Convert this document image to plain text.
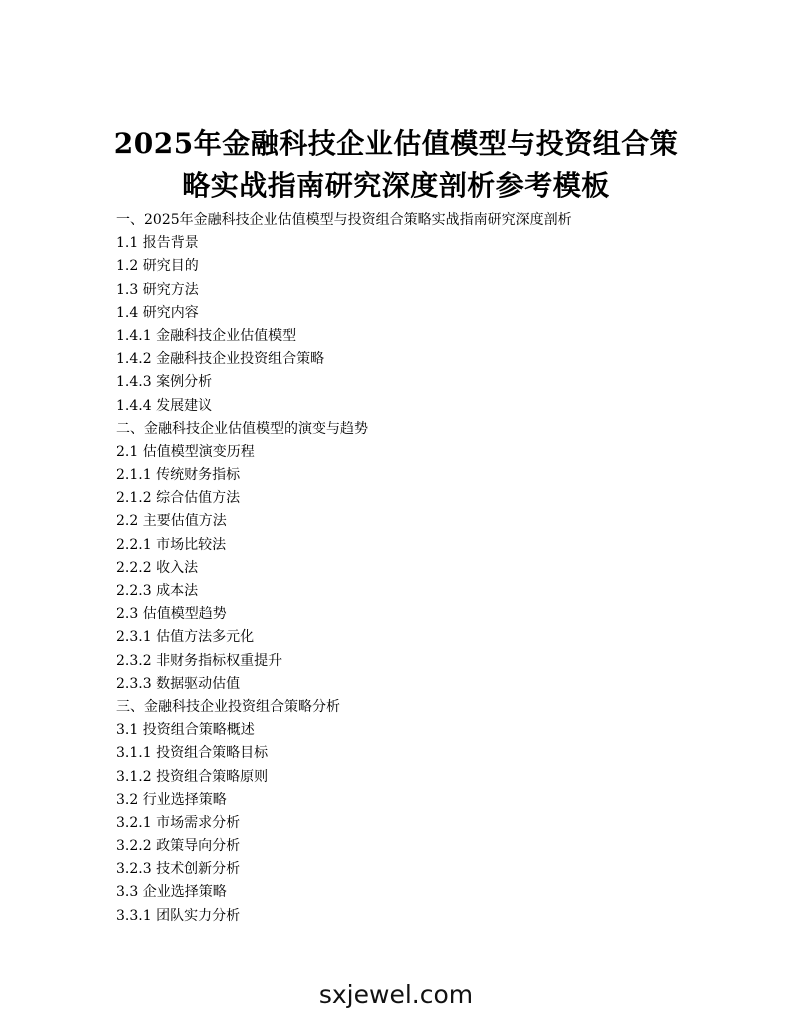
2025年金融科技企业估值模型与投资组合策
略实战指南研究深度剖析参考模板
一、2025年金融科技企业估值模型与投资组合策略实战指南研究深度剖析
1.1 报告背景
1.2 研究目的
1.3 研究方法
1.4 研究内容
1.4.1 金融科技企业估值模型
1.4.2 金融科技企业投资组合策略
1.4.3 案例分析
1.4.4 发展建议
二、金融科技企业估值模型的演变与趋势
2.1 估值模型演变历程
2.1.1 传统财务指标
2.1.2 综合估值方法
2.2 主要估值方法
2.2.1 市场比较法
2.2.2 收入法
2.2.3 成本法
2.3 估值模型趋势
2.3.1 估值方法多元化
2.3.2 非财务指标权重提升
2.3.3 数据驱动估值
三、金融科技企业投资组合策略分析
3.1 投资组合策略概述
3.1.1 投资组合策略目标
3.1.2 投资组合策略原则
3.2 行业选择策略
3.2.1 市场需求分析
3.2.2 政策导向分析
3.2.3 技术创新分析
3.3 企业选择策略
3.3.1 团队实力分析
sxjewel.com
